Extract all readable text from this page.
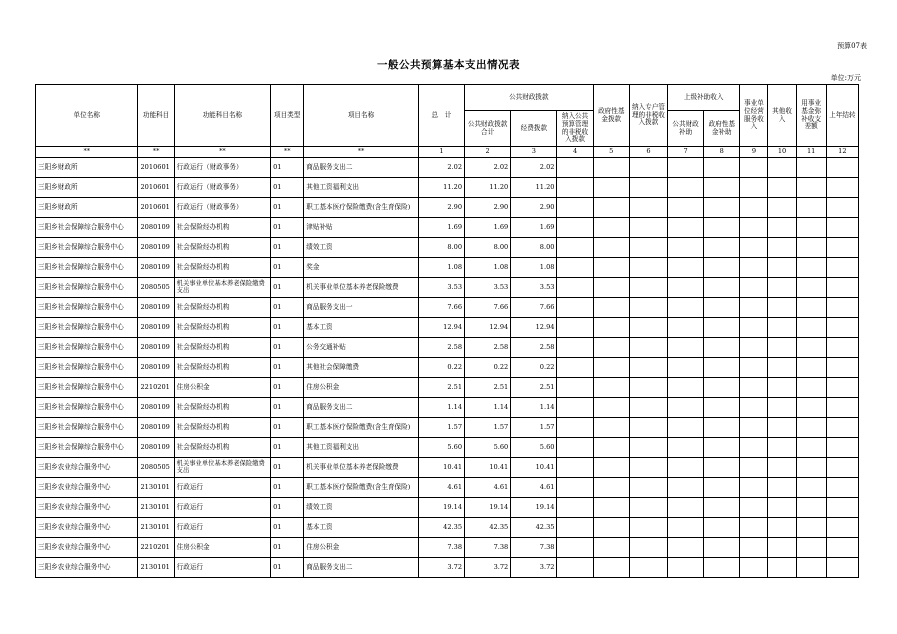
预算07表
一般公共预算基本支出情况表
单位:万元
单位名称	功能科目	功能科目名称	项目类型	项目名称	总　计	公共财政拨款			政府性基金拨款	纳入专户管理的非税收入拨款	上级补助收入		事业单位经营服务收入	其他收入	用事业基金弥补收支差额	上年结转
						公共财政拨款合计	经费拨款	纳入公共预算管理的非税收入拨款			公共财政补助	政府性基金补助				
**	**	**	**	**	1	2	3	4	5	6	7	8	9	10	11	12
三阳乡财政所	2010601	行政运行（财政事务）	01	商品服务支出二	2.02	2.02	2.02									
三阳乡财政所	2010601	行政运行（财政事务）	01	其他工资福利支出	11.20	11.20	11.20									
三阳乡财政所	2010601	行政运行（财政事务）	01	职工基本医疗保险缴费(含生育保险)	2.90	2.90	2.90									
三阳乡社会保障综合服务中心	2080109	社会保险经办机构	01	津贴补贴	1.69	1.69	1.69									
三阳乡社会保障综合服务中心	2080109	社会保险经办机构	01	绩效工资	8.00	8.00	8.00									
三阳乡社会保障综合服务中心	2080109	社会保险经办机构	01	奖金	1.08	1.08	1.08									
三阳乡社会保障综合服务中心	2080505	机关事业单位基本养老保险缴费支出	01	机关事业单位基本养老保险缴费	3.53	3.53	3.53									
三阳乡社会保障综合服务中心	2080109	社会保险经办机构	01	商品服务支出一	7.66	7.66	7.66									
三阳乡社会保障综合服务中心	2080109	社会保险经办机构	01	基本工资	12.94	12.94	12.94									
三阳乡社会保障综合服务中心	2080109	社会保险经办机构	01	公务交通补贴	2.58	2.58	2.58									
三阳乡社会保障综合服务中心	2080109	社会保险经办机构	01	其他社会保障缴费	0.22	0.22	0.22									
三阳乡社会保障综合服务中心	2210201	住房公积金	01	住房公积金	2.51	2.51	2.51									
三阳乡社会保障综合服务中心	2080109	社会保险经办机构	01	商品服务支出二	1.14	1.14	1.14									
三阳乡社会保障综合服务中心	2080109	社会保险经办机构	01	职工基本医疗保险缴费(含生育保险)	1.57	1.57	1.57									
三阳乡社会保障综合服务中心	2080109	社会保险经办机构	01	其他工资福利支出	5.60	5.60	5.60									
三阳乡农业综合服务中心	2080505	机关事业单位基本养老保险缴费支出	01	机关事业单位基本养老保险缴费	10.41	10.41	10.41									
三阳乡农业综合服务中心	2130101	行政运行	01	职工基本医疗保险缴费(含生育保险)	4.61	4.61	4.61									
三阳乡农业综合服务中心	2130101	行政运行	01	绩效工资	19.14	19.14	19.14									
三阳乡农业综合服务中心	2130101	行政运行	01	基本工资	42.35	42.35	42.35									
三阳乡农业综合服务中心	2210201	住房公积金	01	住房公积金	7.38	7.38	7.38									
三阳乡农业综合服务中心	2130101	行政运行	01	商品服务支出二	3.72	3.72	3.72									
